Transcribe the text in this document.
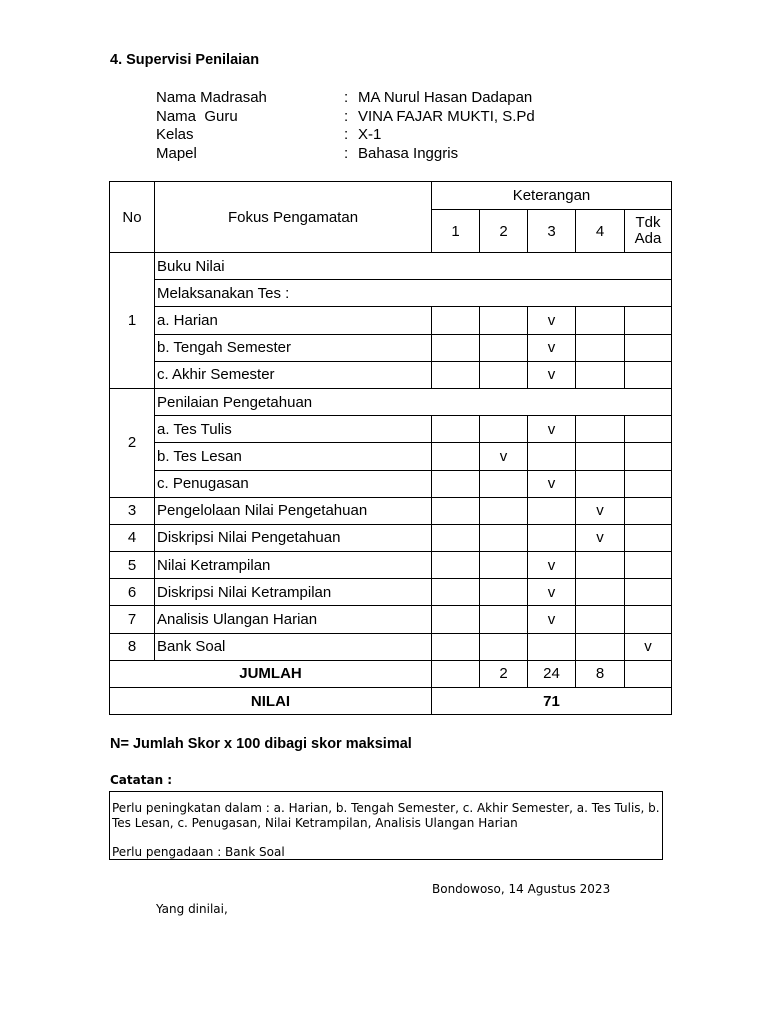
4. Supervisi Penilaian
Nama Madrasah	: MA Nurul Hasan Dadapan
Nama  Guru	: VINA FAJAR MUKTI, S.Pd
Kelas	: X-1
Mapel	: Bahasa Inggris
No	Fokus Pengamatan	Keterangan				
		1	2	3	4	Tdk Ada
1	Buku Nilai					
	Melaksanakan Tes :					
	a. Harian			v		
	b. Tengah Semester			v		
	c. Akhir Semester			v		
2	Penilaian Pengetahuan					
	a. Tes Tulis			v		
	b. Tes Lesan		v			
	c. Penugasan			v		
3	Pengelolaan Nilai Pengetahuan				v	
4	Diskripsi Nilai Pengetahuan				v	
5	Nilai Ketrampilan			v		
6	Diskripsi Nilai Ketrampilan			v		
7	Analisis Ulangan Harian			v		
8	Bank Soal					v
JUMLAH			2	24	8	
NILAI		71				

N= Jumlah Skor x 100 dibagi skor maksimal

Catatan :

Perlu peningkatan dalam : a. Harian, b. Tengah Semester, c. Akhir Semester, a. Tes Tulis, b. Tes Lesan, c. Penugasan, Nilai Ketrampilan, Analisis Ulangan Harian

Perlu pengadaan : Bank Soal

Bondowoso, 14 Agustus 2023
Yang dinilai,
